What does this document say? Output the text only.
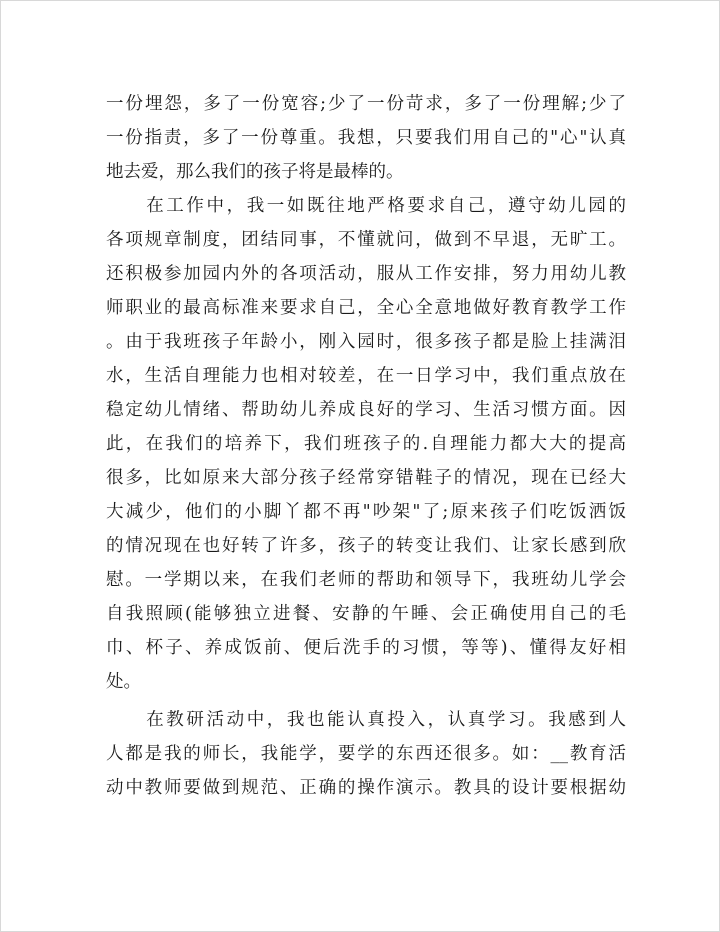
一份埋怨，多了一份宽容;少了一份苛求，多了一份理解;少了
一份指责，多了一份尊重。我想，只要我们用自己的"心"认真
地去爱，那么我们的孩子将是最棒的。
　　在工作中，我一如既往地严格要求自己，遵守幼儿园的
各项规章制度，团结同事，不懂就问，做到不早退，无旷工。
还积极参加园内外的各项活动，服从工作安排，努力用幼儿教
师职业的最高标准来要求自己，全心全意地做好教育教学工作
。由于我班孩子年龄小，刚入园时，很多孩子都是脸上挂满泪
水，生活自理能力也相对较差，在一日学习中，我们重点放在
稳定幼儿情绪、帮助幼儿养成良好的学习、生活习惯方面。因
此，在我们的培养下，我们班孩子的.自理能力都大大的提高
很多，比如原来大部分孩子经常穿错鞋子的情况，现在已经大
大减少，他们的小脚丫都不再"吵架"了;原来孩子们吃饭洒饭
的情况现在也好转了许多，孩子的转变让我们、让家长感到欣
慰。一学期以来，在我们老师的帮助和领导下，我班幼儿学会
自我照顾(能够独立进餐、安静的午睡、会正确使用自己的毛
巾、杯子、养成饭前、便后洗手的习惯，等等)、懂得友好相
处。
　　在教研活动中，我也能认真投入，认真学习。我感到人
人都是我的师长，我能学，要学的东西还很多。如：__教育活
动中教师要做到规范、正确的操作演示。教具的设计要根据幼
